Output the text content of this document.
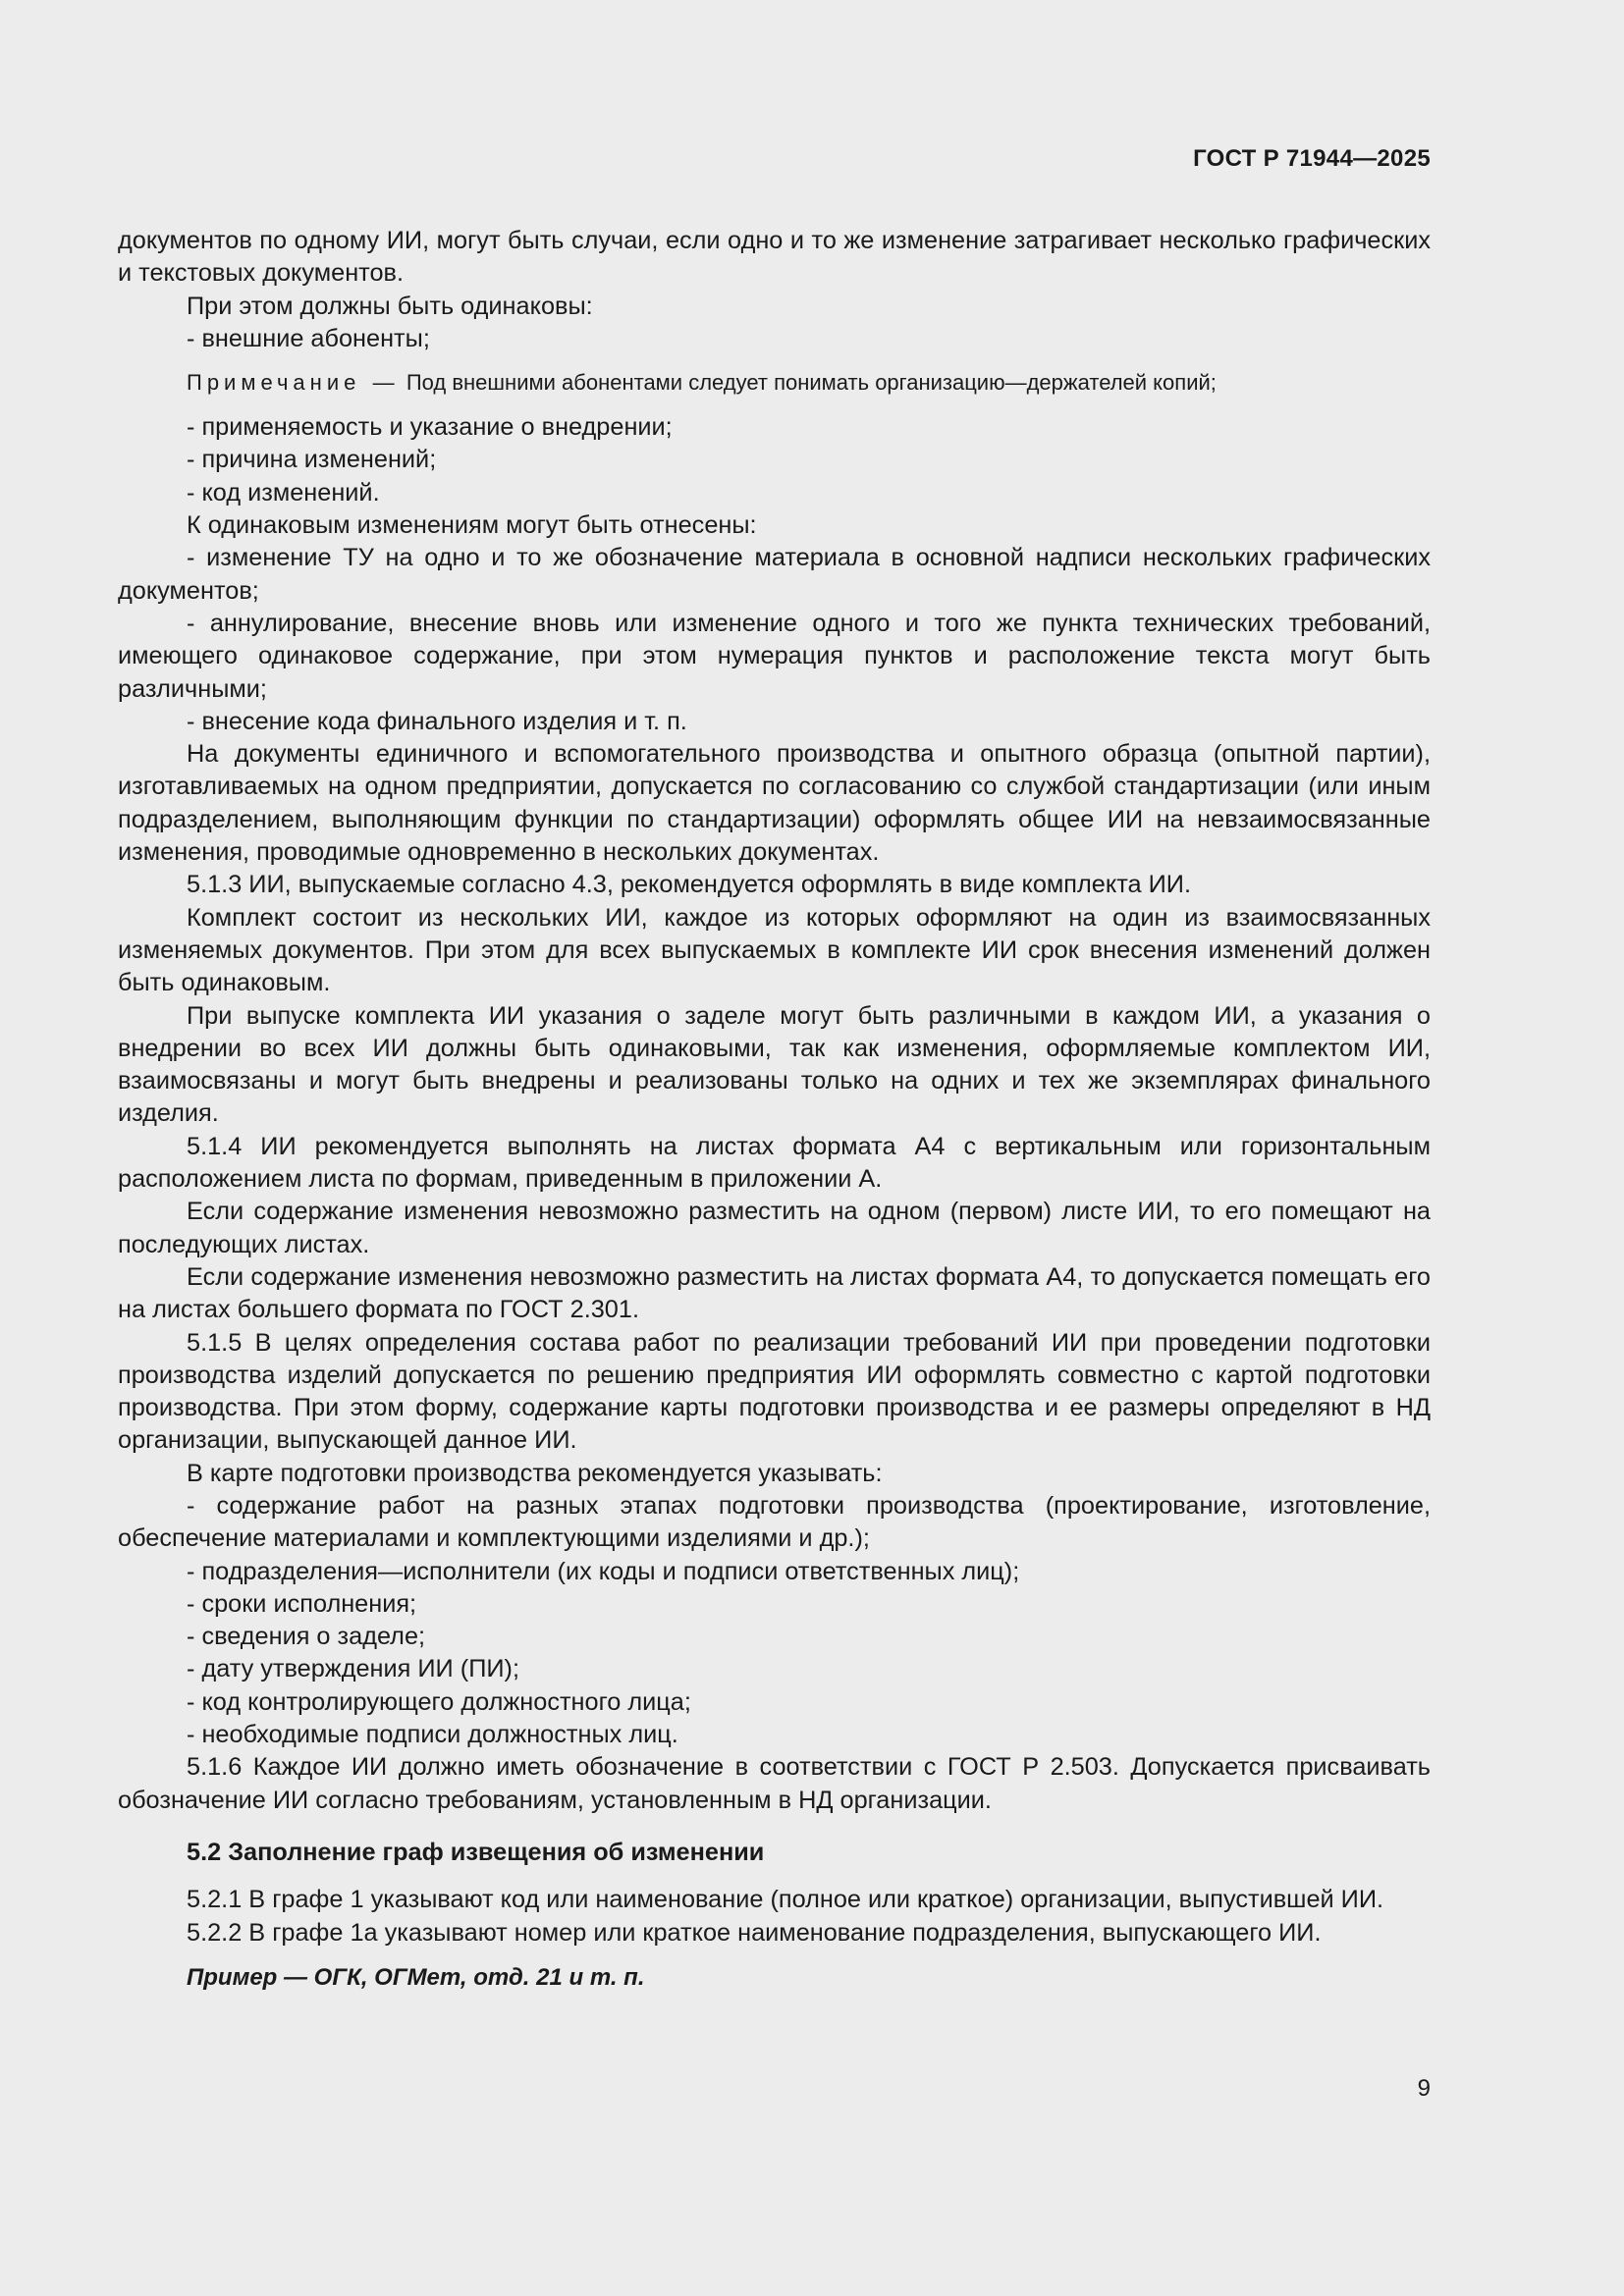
ГОСТ Р 71944—2025

документов по одному ИИ, могут быть случаи, если одно и то же изменение затрагивает несколько графических и текстовых документов.

При этом должны быть одинаковы:

- внешние абоненты;

Примечание — Под внешними абонентами следует понимать организацию—держателей копий;

- применяемость и указание о внедрении;

- причина изменений;

- код изменений.

К одинаковым изменениям могут быть отнесены:

- изменение ТУ на одно и то же обозначение материала в основной надписи нескольких графических документов;

- аннулирование, внесение вновь или изменение одного и того же пункта технических требований, имеющего одинаковое содержание, при этом нумерация пунктов и расположение текста могут быть различными;

- внесение кода финального изделия и т. п.

На документы единичного и вспомогательного производства и опытного образца (опытной партии), изготавливаемых на одном предприятии, допускается по согласованию со службой стандартизации (или иным подразделением, выполняющим функции по стандартизации) оформлять общее ИИ на невзаимосвязанные изменения, проводимые одновременно в нескольких документах.

5.1.3 ИИ, выпускаемые согласно 4.3, рекомендуется оформлять в виде комплекта ИИ.

Комплект состоит из нескольких ИИ, каждое из которых оформляют на один из взаимосвязанных изменяемых документов. При этом для всех выпускаемых в комплекте ИИ срок внесения изменений должен быть одинаковым.

При выпуске комплекта ИИ указания о заделе могут быть различными в каждом ИИ, а указания о внедрении во всех ИИ должны быть одинаковыми, так как изменения, оформляемые комплектом ИИ, взаимосвязаны и могут быть внедрены и реализованы только на одних и тех же экземплярах финального изделия.

5.1.4 ИИ рекомендуется выполнять на листах формата А4 с вертикальным или горизонтальным расположением листа по формам, приведенным в приложении А.

Если содержание изменения невозможно разместить на одном (первом) листе ИИ, то его помещают на последующих листах.

Если содержание изменения невозможно разместить на листах формата А4, то допускается помещать его на листах большего формата по ГОСТ 2.301.

5.1.5 В целях определения состава работ по реализации требований ИИ при проведении подготовки производства изделий допускается по решению предприятия ИИ оформлять совместно с картой подготовки производства. При этом форму, содержание карты подготовки производства и ее размеры определяют в НД организации, выпускающей данное ИИ.

В карте подготовки производства рекомендуется указывать:

- содержание работ на разных этапах подготовки производства (проектирование, изготовление, обеспечение материалами и комплектующими изделиями и др.);

- подразделения—исполнители (их коды и подписи ответственных лиц);

- сроки исполнения;

- сведения о заделе;

- дату утверждения ИИ (ПИ);

- код контролирующего должностного лица;

- необходимые подписи должностных лиц.

5.1.6 Каждое ИИ должно иметь обозначение в соответствии с ГОСТ Р 2.503. Допускается присваивать обозначение ИИ согласно требованиям, установленным в НД организации.

5.2 Заполнение граф извещения об изменении

5.2.1 В графе 1 указывают код или наименование (полное или краткое) организации, выпустившей ИИ.

5.2.2 В графе 1а указывают номер или краткое наименование подразделения, выпускающего ИИ.

Пример — ОГК, ОГМет, отд. 21 и т. п.

9
